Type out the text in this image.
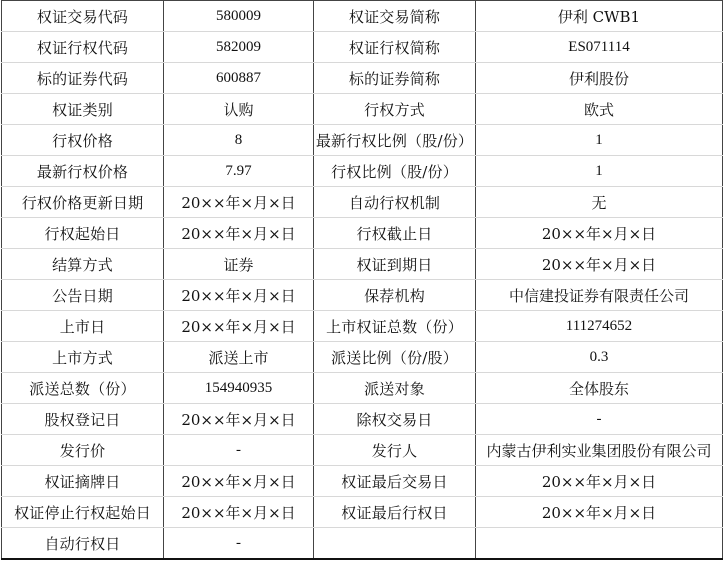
权证交易代码	580009	权证交易简称	伊利 CWB1
权证行权代码	582009	权证行权简称	ES071114
标的证券代码	600887	标的证券简称	伊利股份
权证类别	认购	行权方式	欧式
行权价格	8	最新行权比例（股/份）	1
最新行权价格	7.97	行权比例（股/份）	1
行权价格更新日期	20××年×月×日	自动行权机制	无
行权起始日	20××年×月×日	行权截止日	20××年×月×日
结算方式	证券	权证到期日	20××年×月×日
公告日期	20××年×月×日	保荐机构	中信建投证券有限责任公司
上市日	20××年×月×日	上市权证总数（份）	111274652
上市方式	派送上市	派送比例（份/股）	0.3
派送总数（份）	154940935	派送对象	全体股东
股权登记日	20××年×月×日	除权交易日	-
发行价	-	发行人	内蒙古伊利实业集团股份有限公司
权证摘牌日	20××年×月×日	权证最后交易日	20××年×月×日
权证停止行权起始日	20××年×月×日	权证最后行权日	20××年×月×日
自动行权日	-		
